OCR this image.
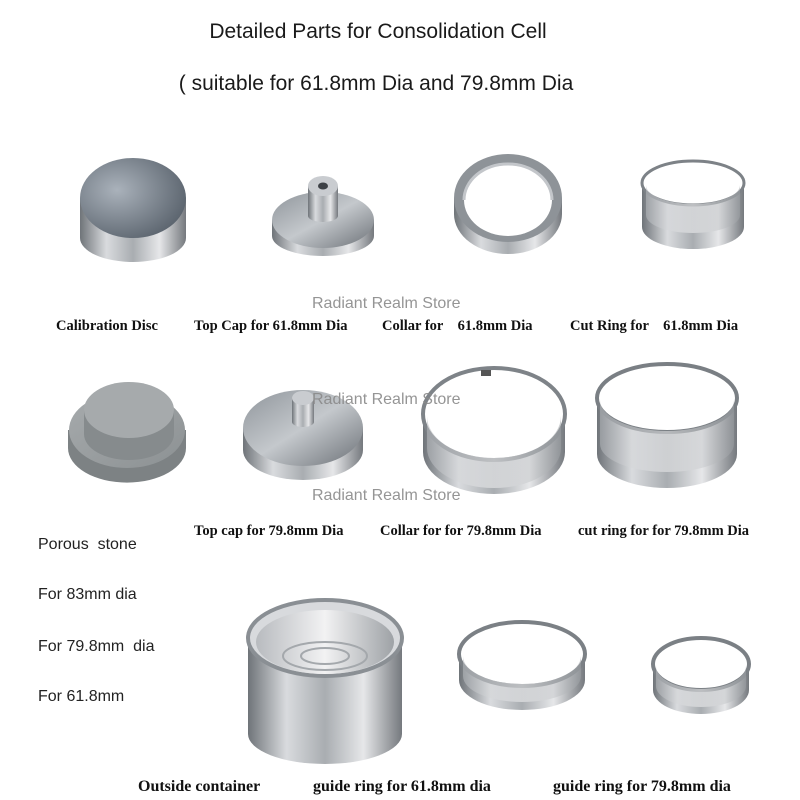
Detailed Parts for Consolidation Cell
( suitable for 61.8mm Dia and 79.8mm Dia
Calibration Disc Top Cap for 61.8mm Dia Collar for    61.8mm Dia	Cut Ring for    61.8mm Dia
Radiant Realm Store
Radiant Realm Store
Radiant Realm Store
Top cap for 79.8mm Dia	Collar for for 79.8mm Dia	cut ring for for 79.8mm Dia
Porous  stone
For 83mm dia
For 79.8mm  dia
For 61.8mm
Outside container	guide ring for 61.8mm dia	guide ring for 79.8mm dia
